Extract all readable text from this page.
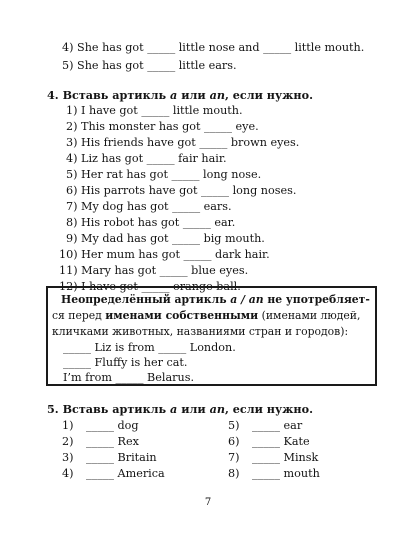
4) She has got _____ little nose and _____ little mouth.
5) She has got _____ little ears.
4. Вставь артикль a или an, если нужно.
1) I have got _____ little mouth.
2) This monster has got _____ eye.
3) His friends have got _____ brown eyes.
4) Liz has got _____ fair hair.
5) Her rat has got _____ long nose.
6) His parrots have got _____ long noses.
7) My dog has got _____ ears.
8) His robot has got _____ ear.
9) My dad has got _____ big mouth.
10) Her mum has got _____ dark hair.
11) Mary has got _____ blue eyes.
12) I have got _____ orange ball.
Неопределённый артикль a / an не употребляет-
ся перед именами собственными (именами людей,
кличками животных, названиями стран и городов):
_____ Liz is from _____ London.
_____ Fluffy is her cat.
I’m from _____ Belarus.
5. Вставь артикль a или an, если нужно.
1) _____ dog
2) _____ Rex
3) _____ Britain
4) _____ America
5) _____ ear
6) _____ Kate
7) _____ Minsk
8) _____ mouth
7
